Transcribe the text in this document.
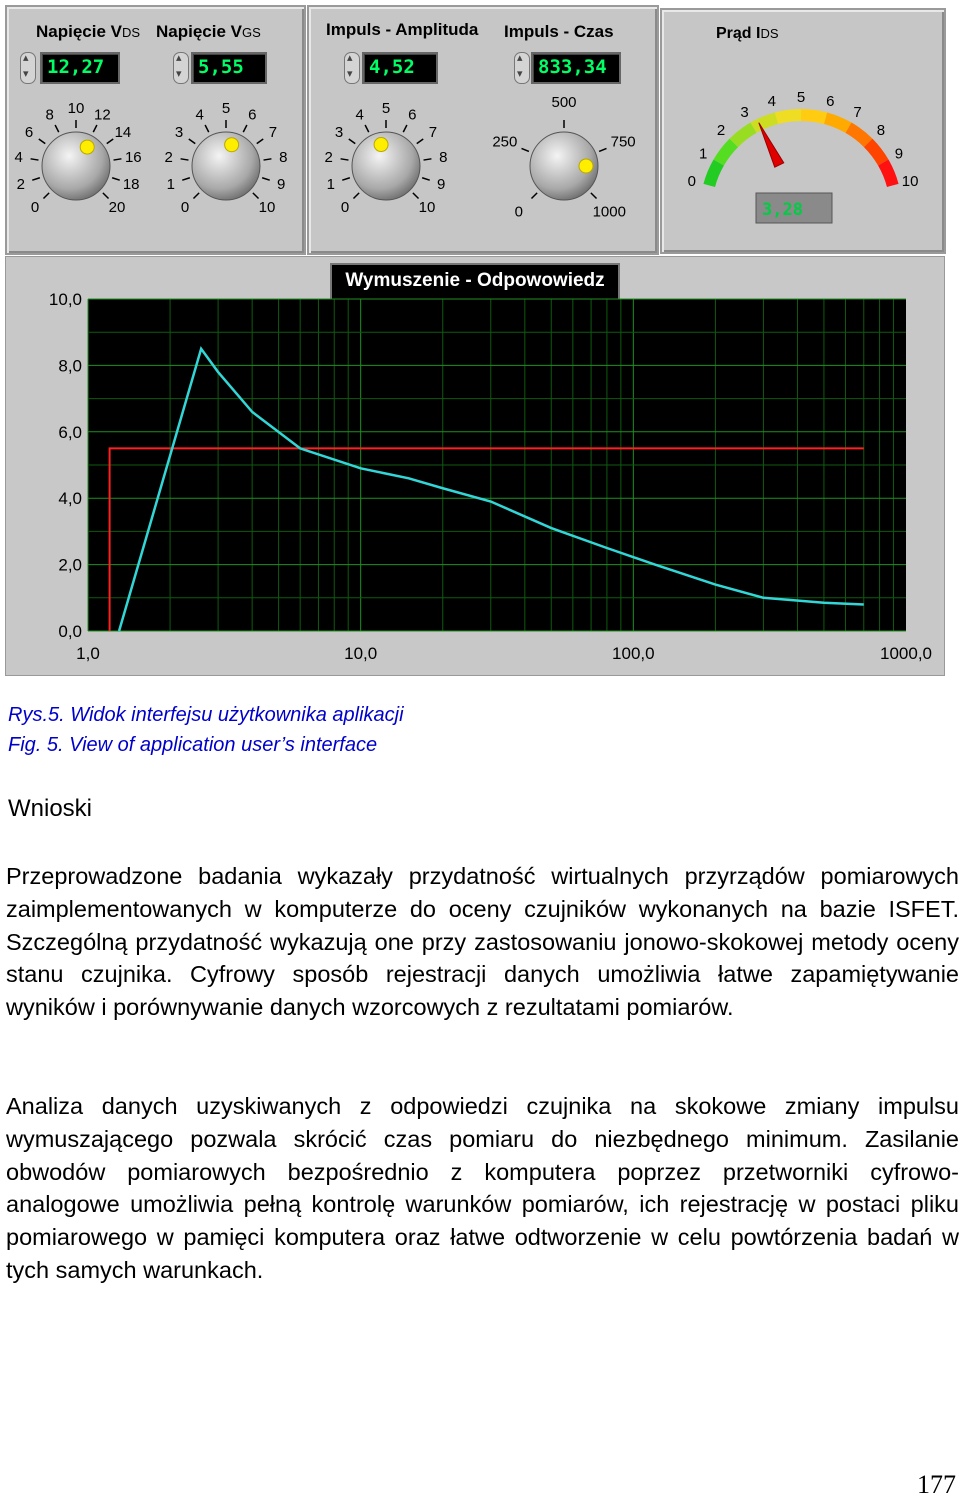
Napięcie VDS
▴ ▾
12,27
0
2
4
6
8 10 12
14
16
18
20
Napięcie VGS
▴ ▾
5,55
0
1
2
3
4 5 6
7
8
9
10
Impuls - Amplituda
▴ ▾
4,52
0
1
2
3
4 5 6
7
8
9
10
Impuls - Czas
▴ ▾
833,34
0
250
500
750
1000
Prąd IDS
0
1
2
3
4 5 6
7
8
9
10
3,28
Wymuszenie - Odpowowiedz
0,0
2,0
4,0
6,0
8,0
10,0
1,0	10,0	100,0	1000,0
Rys.5. Widok interfejsu użytkownika aplikacji
Fig. 5. View of application user’s interface
Wnioski
Przeprowadzone badania wykazały przydatność wirtualnych przyrządów pomiarowych zaimplementowanych w komputerze do oceny czujników wykonanych na bazie ISFET. Szczególną przydatność wykazują one przy zastosowaniu jonowo-skokowej metody oceny stanu czujnika. Cyfrowy sposób rejestracji danych umożliwia łatwe zapamiętywanie wyników i porównywanie danych wzorcowych z rezultatami pomiarów.
Analiza danych uzyskiwanych z odpowiedzi czujnika na skokowe zmiany impulsu wymuszającego pozwala skrócić czas pomiaru do niezbędnego minimum. Zasilanie obwodów pomiarowych bezpośrednio z komputera poprzez przetworniki cyfrowo-analogowe umożliwia pełną kontrolę warunków pomiarów, ich rejestrację w postaci pliku pomiarowego w pamięci komputera oraz łatwe odtworzenie w celu powtórzenia badań w tych samych warunkach.
177
